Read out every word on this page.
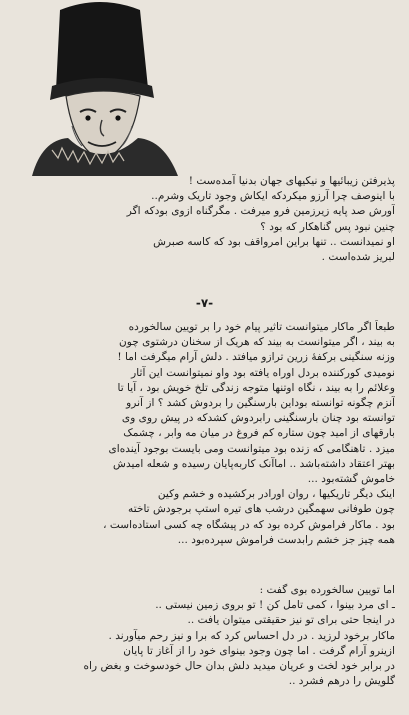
پذیرفتن زیبائیها و نیکیهای جهان بدنیا آمده‌ست !
با اینوصف چرا آرزو میکردکه ایکاش وجود تاریک وشرم..
آورش صد پایه زیرزمین فرو میرفت . مگرگناه ازوی بودکه اگر
چنین نبود پس گناهکار که بود ؟
او نمیدانست .. تنها براین امرواقف بود که کاسه صبرش
لبریز شده‌است .
-۷-
طبعاً اگر ماکار میتوانست تاثیر پیام خود را بر تویین سالخورده
به بیند ، اگر میتوانست به بیند که هریک از سخنان درشتوی چون
وزنه سنگینی برکفهٔ زرین ترازو میافتد . دلش آرام میگرفت اما !
نومیدی کورکننده بردل اوراه یافته بود واو نمیتوانست این آثار
وعلائم را به بیند ، نگاه اوتنها متوجه زندگی تلخ خویش بود ، آیا تا
آنزم چگونه توانسته بوداین بارسنگین را بردوش کشد ؟ از آنرو
توانسته بود چنان بارسنگینی رابردوش کشدکه در پیش روی وی
بارقهای از امید چون ستاره کم فروغ در میان مه وابر ، چشمک
میزد . تاهنگامی که زنده بود میتوانست ومی بایست بوجود آینده‌ای
بهتر اعتقاد داشته‌باشد .. اماآنک کاربه‌پایان رسیده و شعله امیدش
خاموش گشته‌بود ...
اینک دیگر تاریکیها ، روان اورادر برکشیده و خشم وکین
چون طوفانی سهمگین درشب های تیره استپ برجودش تاخته
بود . ماکار فراموش کرده بود که در پیشگاه چه کسی استاده‌است ،
همه چیز جز خشم رابدست فراموش سپرده‌بود ...
اما تویین سالخورده بوی گفت :
ـ ای مرد بینوا ، کمی تامل کن ! تو بروی زمین نیستی ..
در اینجا حتی برای تو نیز حقیقتی میتوان یافت ..
ماکار برخود لرزید . در دل احساس کرد که برا و نیز رحم میآورند .
ازینرو آرام گرفت . اما چون وجود بینوای خود را از آغاز تا پایان
در برابر خود لخت و عریان میدید دلش بدان حال خودسوخت و بغض راه
گلویش را درهم فشرد ..
